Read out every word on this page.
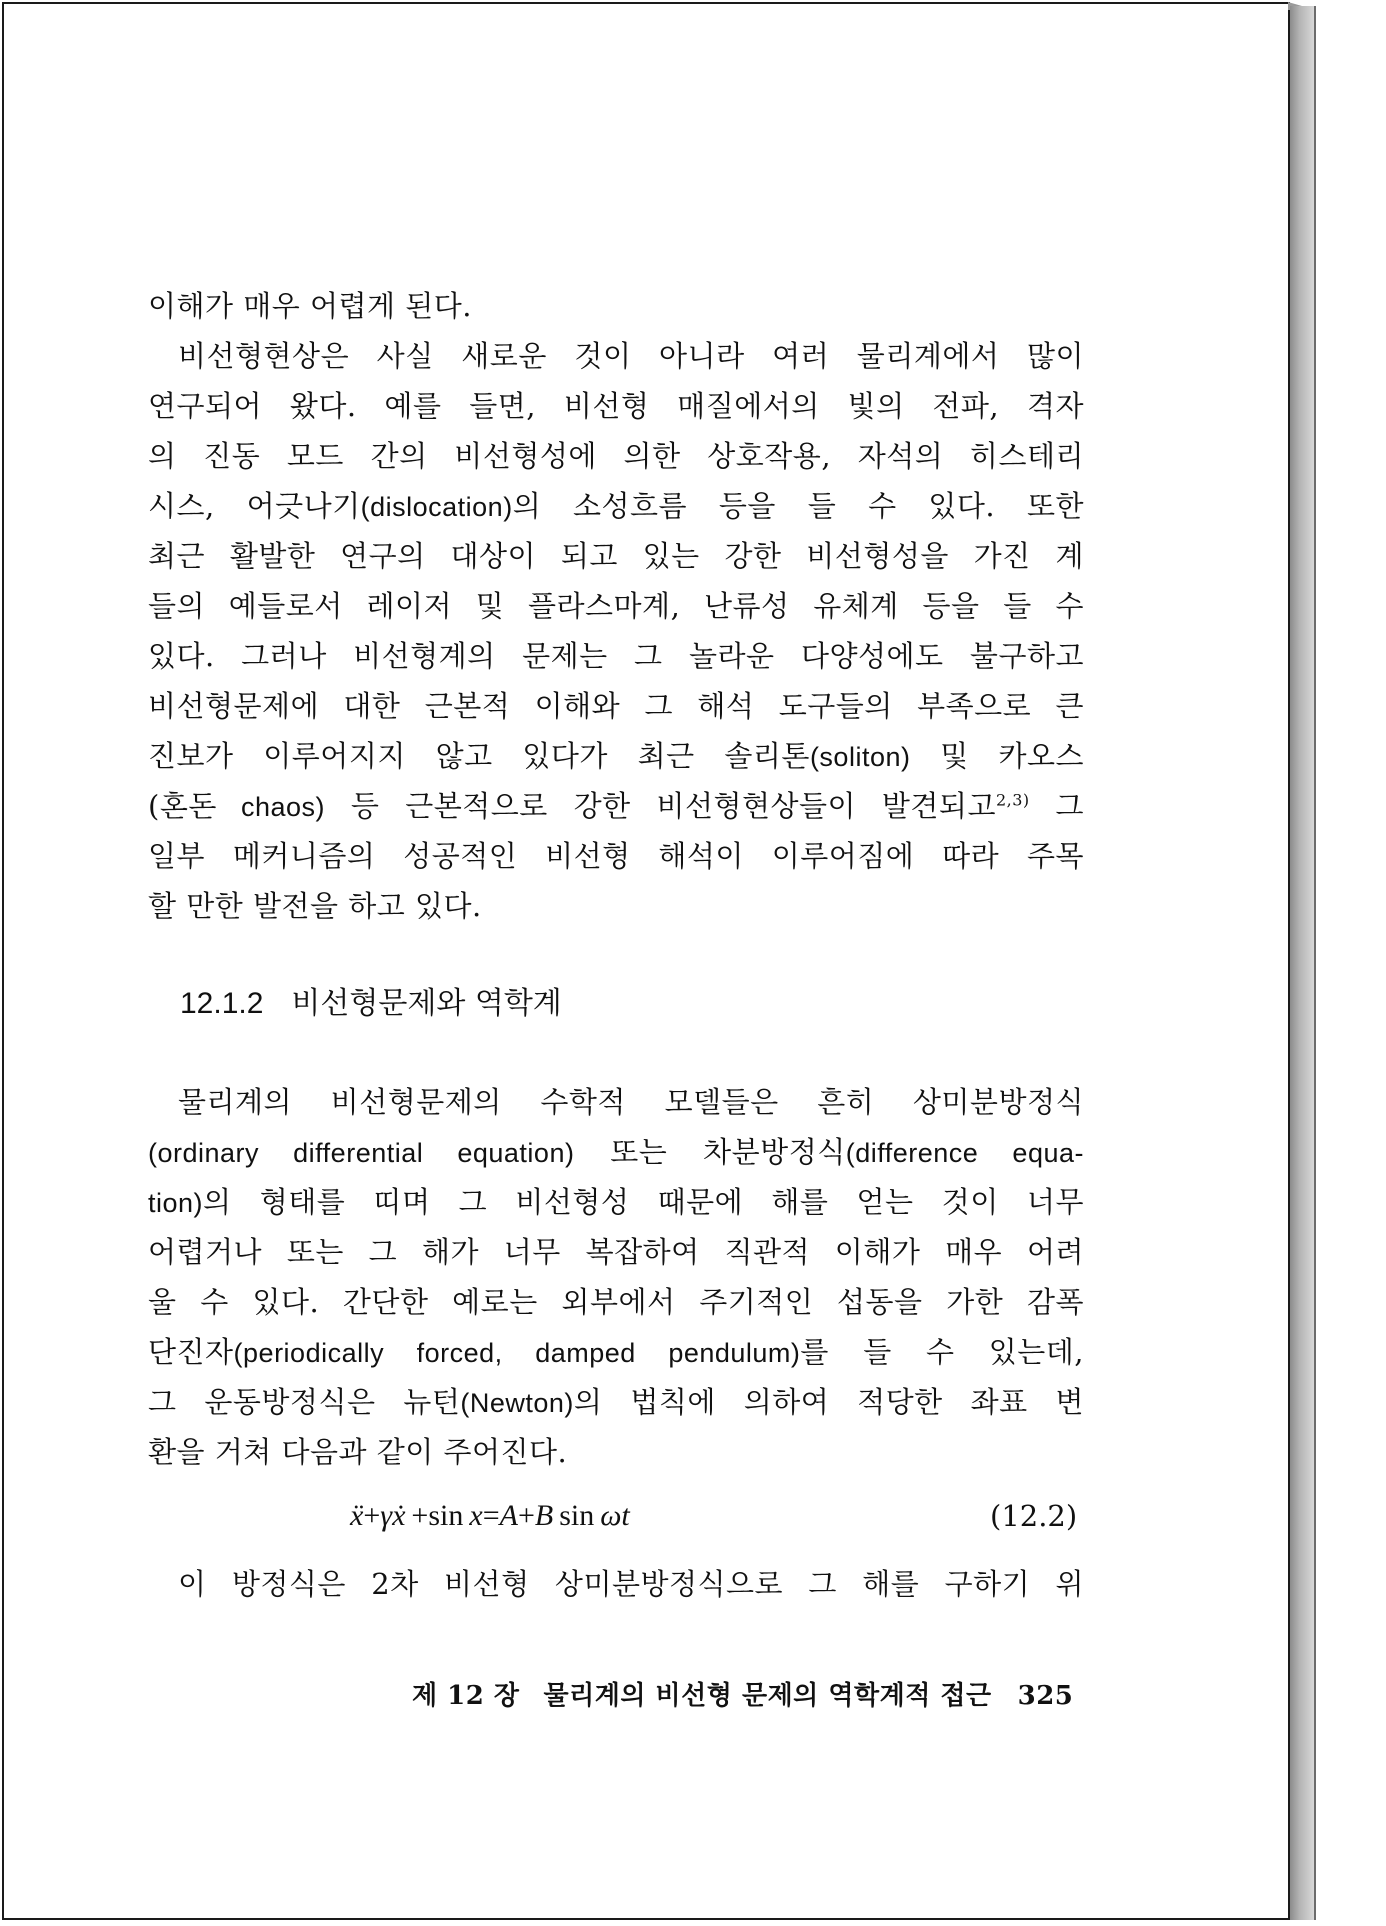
이해가 매우 어렵게 된다.
비선형현상은 사실 새로운 것이 아니라 여러 물리계에서 많이
연구되어 왔다. 예를 들면, 비선형 매질에서의 빛의 전파, 격자
의 진동 모드 간의 비선형성에 의한 상호작용, 자석의 히스테리
시스, 어긋나기(dislocation)의 소성흐름 등을 들 수 있다. 또한
최근 활발한 연구의 대상이 되고 있는 강한 비선형성을 가진 계
들의 예들로서 레이저 및 플라스마계, 난류성 유체계 등을 들 수
있다. 그러나 비선형계의 문제는 그 놀라운 다양성에도 불구하고
비선형문제에 대한 근본적 이해와 그 해석 도구들의 부족으로 큰
진보가 이루어지지 않고 있다가 최근 솔리톤(soliton) 및 카오스
(혼돈 chaos) 등 근본적으로 강한 비선형현상들이 발견되고$^{2,3)}$ 그
일부 메커니즘의 성공적인 비선형 해석이 이루어짐에 따라 주목
할 만한 발전을 하고 있다.
물리계의 비선형문제의 수학적 모델들은 흔히 상미분방정식
(ordinary differential equation) 또는 차분방정식(difference equa-
tion)의 형태를 띠며 그 비선형성 때문에 해를 얻는 것이 너무
어렵거나 또는 그 해가 너무 복잡하여 직관적 이해가 매우 어려
울 수 있다. 간단한 예로는 외부에서 주기적인 섭동을 가한 감폭
단진자(periodically forced, damped pendulum)를 들 수 있는데,
그 운동방정식은 뉴턴(Newton)의 법칙에 의하여 적당한 좌표 변
환을 거쳐 다음과 같이 주어진다.
이 방정식은 2차 비선형 상미분방정식으로 그 해를 구하기 위
12.1.2 비선형문제와 역학계
ẍ+γẋ  +sin  x=A+B  sin  ωt	(12.2)
제 12 장 물리계의 비선형 문제의 역학계적 접근 325
